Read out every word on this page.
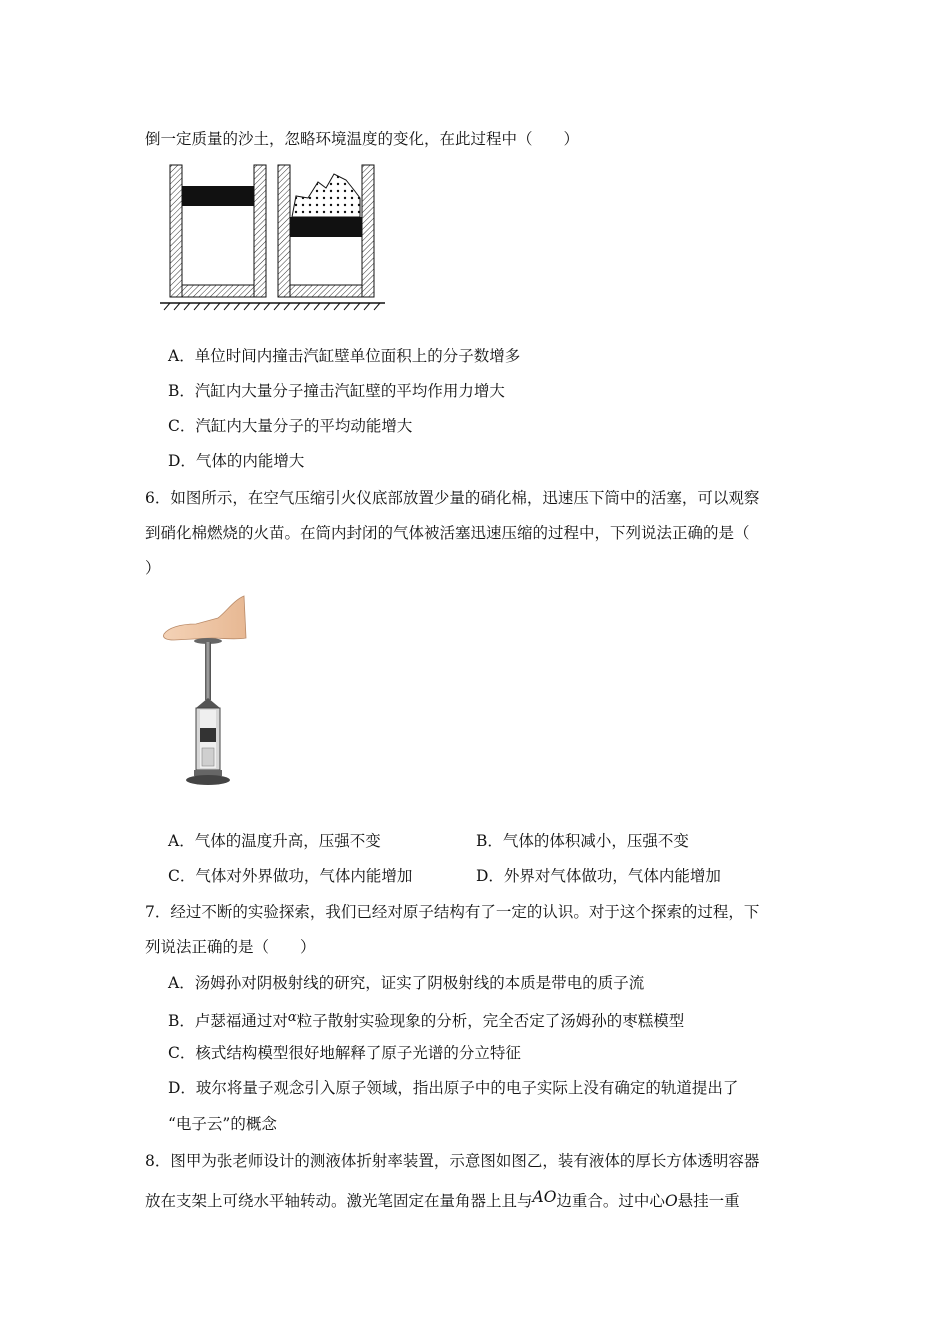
倒一定质量的沙土，忽略环境温度的变化，在此过程中（　　）
A．单位时间内撞击汽缸壁单位面积上的分子数增多
B．汽缸内大量分子撞击汽缸壁的平均作用力增大
C．汽缸内大量分子的平均动能增大
D．气体的内能增大
6．如图所示，在空气压缩引火仪底部放置少量的硝化棉，迅速压下筒中的活塞，可以观察
到硝化棉燃烧的火苗。在筒内封闭的气体被活塞迅速压缩的过程中，下列说法正确的是（
）
A．气体的温度升高，压强不变	B．气体的体积减小，压强不变
C．气体对外界做功，气体内能增加	D．外界对气体做功，气体内能增加
7．经过不断的实验探索，我们已经对原子结构有了一定的认识。对于这个探索的过程，下
列说法正确的是（　　）
A．汤姆孙对阴极射线的研究，证实了阴极射线的本质是带电的质子流
B．卢瑟福通过对$^\alpha$粒子散射实验现象的分析，完全否定了汤姆孙的枣糕模型
C．核式结构模型很好地解释了原子光谱的分立特征
D．玻尔将量子观念引入原子领域，指出原子中的电子实际上没有确定的轨道提出了
“电子云”的概念
8．图甲为张老师设计的测液体折射率装置，示意图如图乙，装有液体的厚长方体透明容器
放在支架上可绕水平轴转动。激光笔固定在量角器上且与AO边重合。过中心O悬挂一重
